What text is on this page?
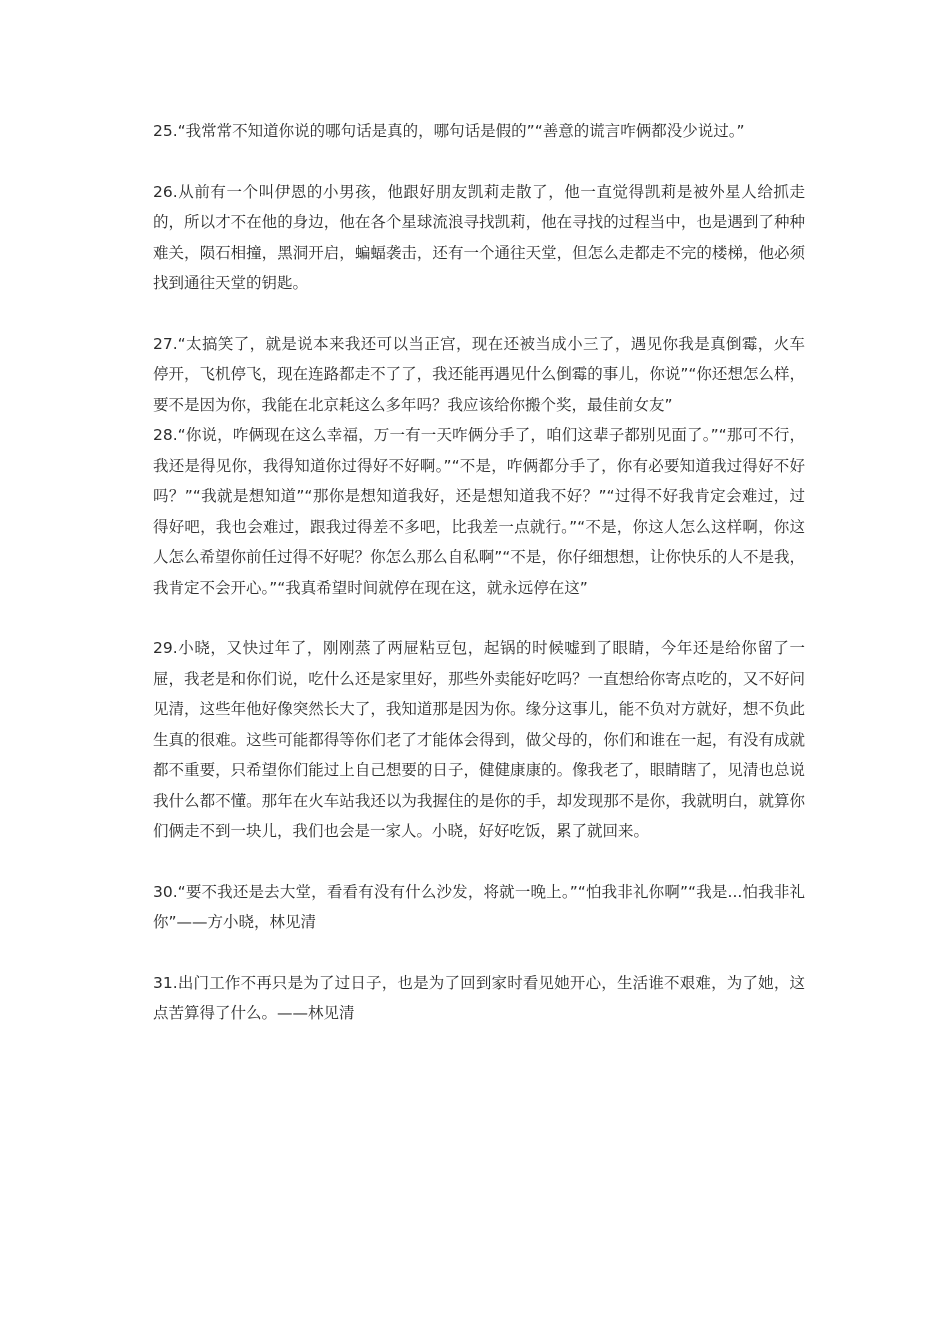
25.“我常常不知道你说的哪句话是真的，哪句话是假的”“善意的谎言咋俩都没少说过。”

26.从前有一个叫伊恩的小男孩，他跟好朋友凯莉走散了，他一直觉得凯莉是被外星人给抓走的，所以才不在他的身边，他在各个星球流浪寻找凯莉，他在寻找的过程当中，也是遇到了种种难关，陨石相撞，黑洞开启，蝙蝠袭击，还有一个通往天堂，但怎么走都走不完的楼梯，他必须找到通往天堂的钥匙。

27.“太搞笑了，就是说本来我还可以当正宫，现在还被当成小三了，遇见你我是真倒霉，火车停开，飞机停飞，现在连路都走不了了，我还能再遇见什么倒霉的事儿，你说”“你还想怎么样，要不是因为你，我能在北京耗这么多年吗？我应该给你搬个奖，最佳前女友”

28.“你说，咋俩现在这么幸福，万一有一天咋俩分手了，咱们这辈子都别见面了。”“那可不行，我还是得见你，我得知道你过得好不好啊。”“不是，咋俩都分手了，你有必要知道我过得好不好吗？”“我就是想知道”“那你是想知道我好，还是想知道我不好？”“过得不好我肯定会难过，过得好吧，我也会难过，跟我过得差不多吧，比我差一点就行。”“不是，你这人怎么这样啊，你这人怎么希望你前任过得不好呢？你怎么那么自私啊”“不是，你仔细想想，让你快乐的人不是我，我肯定不会开心。”“我真希望时间就停在现在这，就永远停在这”

29.小晓，又快过年了，刚刚蒸了两屉粘豆包，起锅的时候嘘到了眼睛，今年还是给你留了一屉，我老是和你们说，吃什么还是家里好，那些外卖能好吃吗？一直想给你寄点吃的，又不好问见清，这些年他好像突然长大了，我知道那是因为你。缘分这事儿，能不负对方就好，想不负此生真的很难。这些可能都得等你们老了才能体会得到，做父母的，你们和谁在一起，有没有成就都不重要，只希望你们能过上自己想要的日子，健健康康的。像我老了，眼睛瞎了，见清也总说我什么都不懂。那年在火车站我还以为我握住的是你的手，却发现那不是你，我就明白，就算你们俩走不到一块儿，我们也会是一家人。小晓，好好吃饭，累了就回来。

30.“要不我还是去大堂，看看有没有什么沙发，将就一晚上。”“怕我非礼你啊”“我是...怕我非礼你”——方小晓，林见清

31.出门工作不再只是为了过日子，也是为了回到家时看见她开心，生活谁不艰难，为了她，这点苦算得了什么。——林见清
